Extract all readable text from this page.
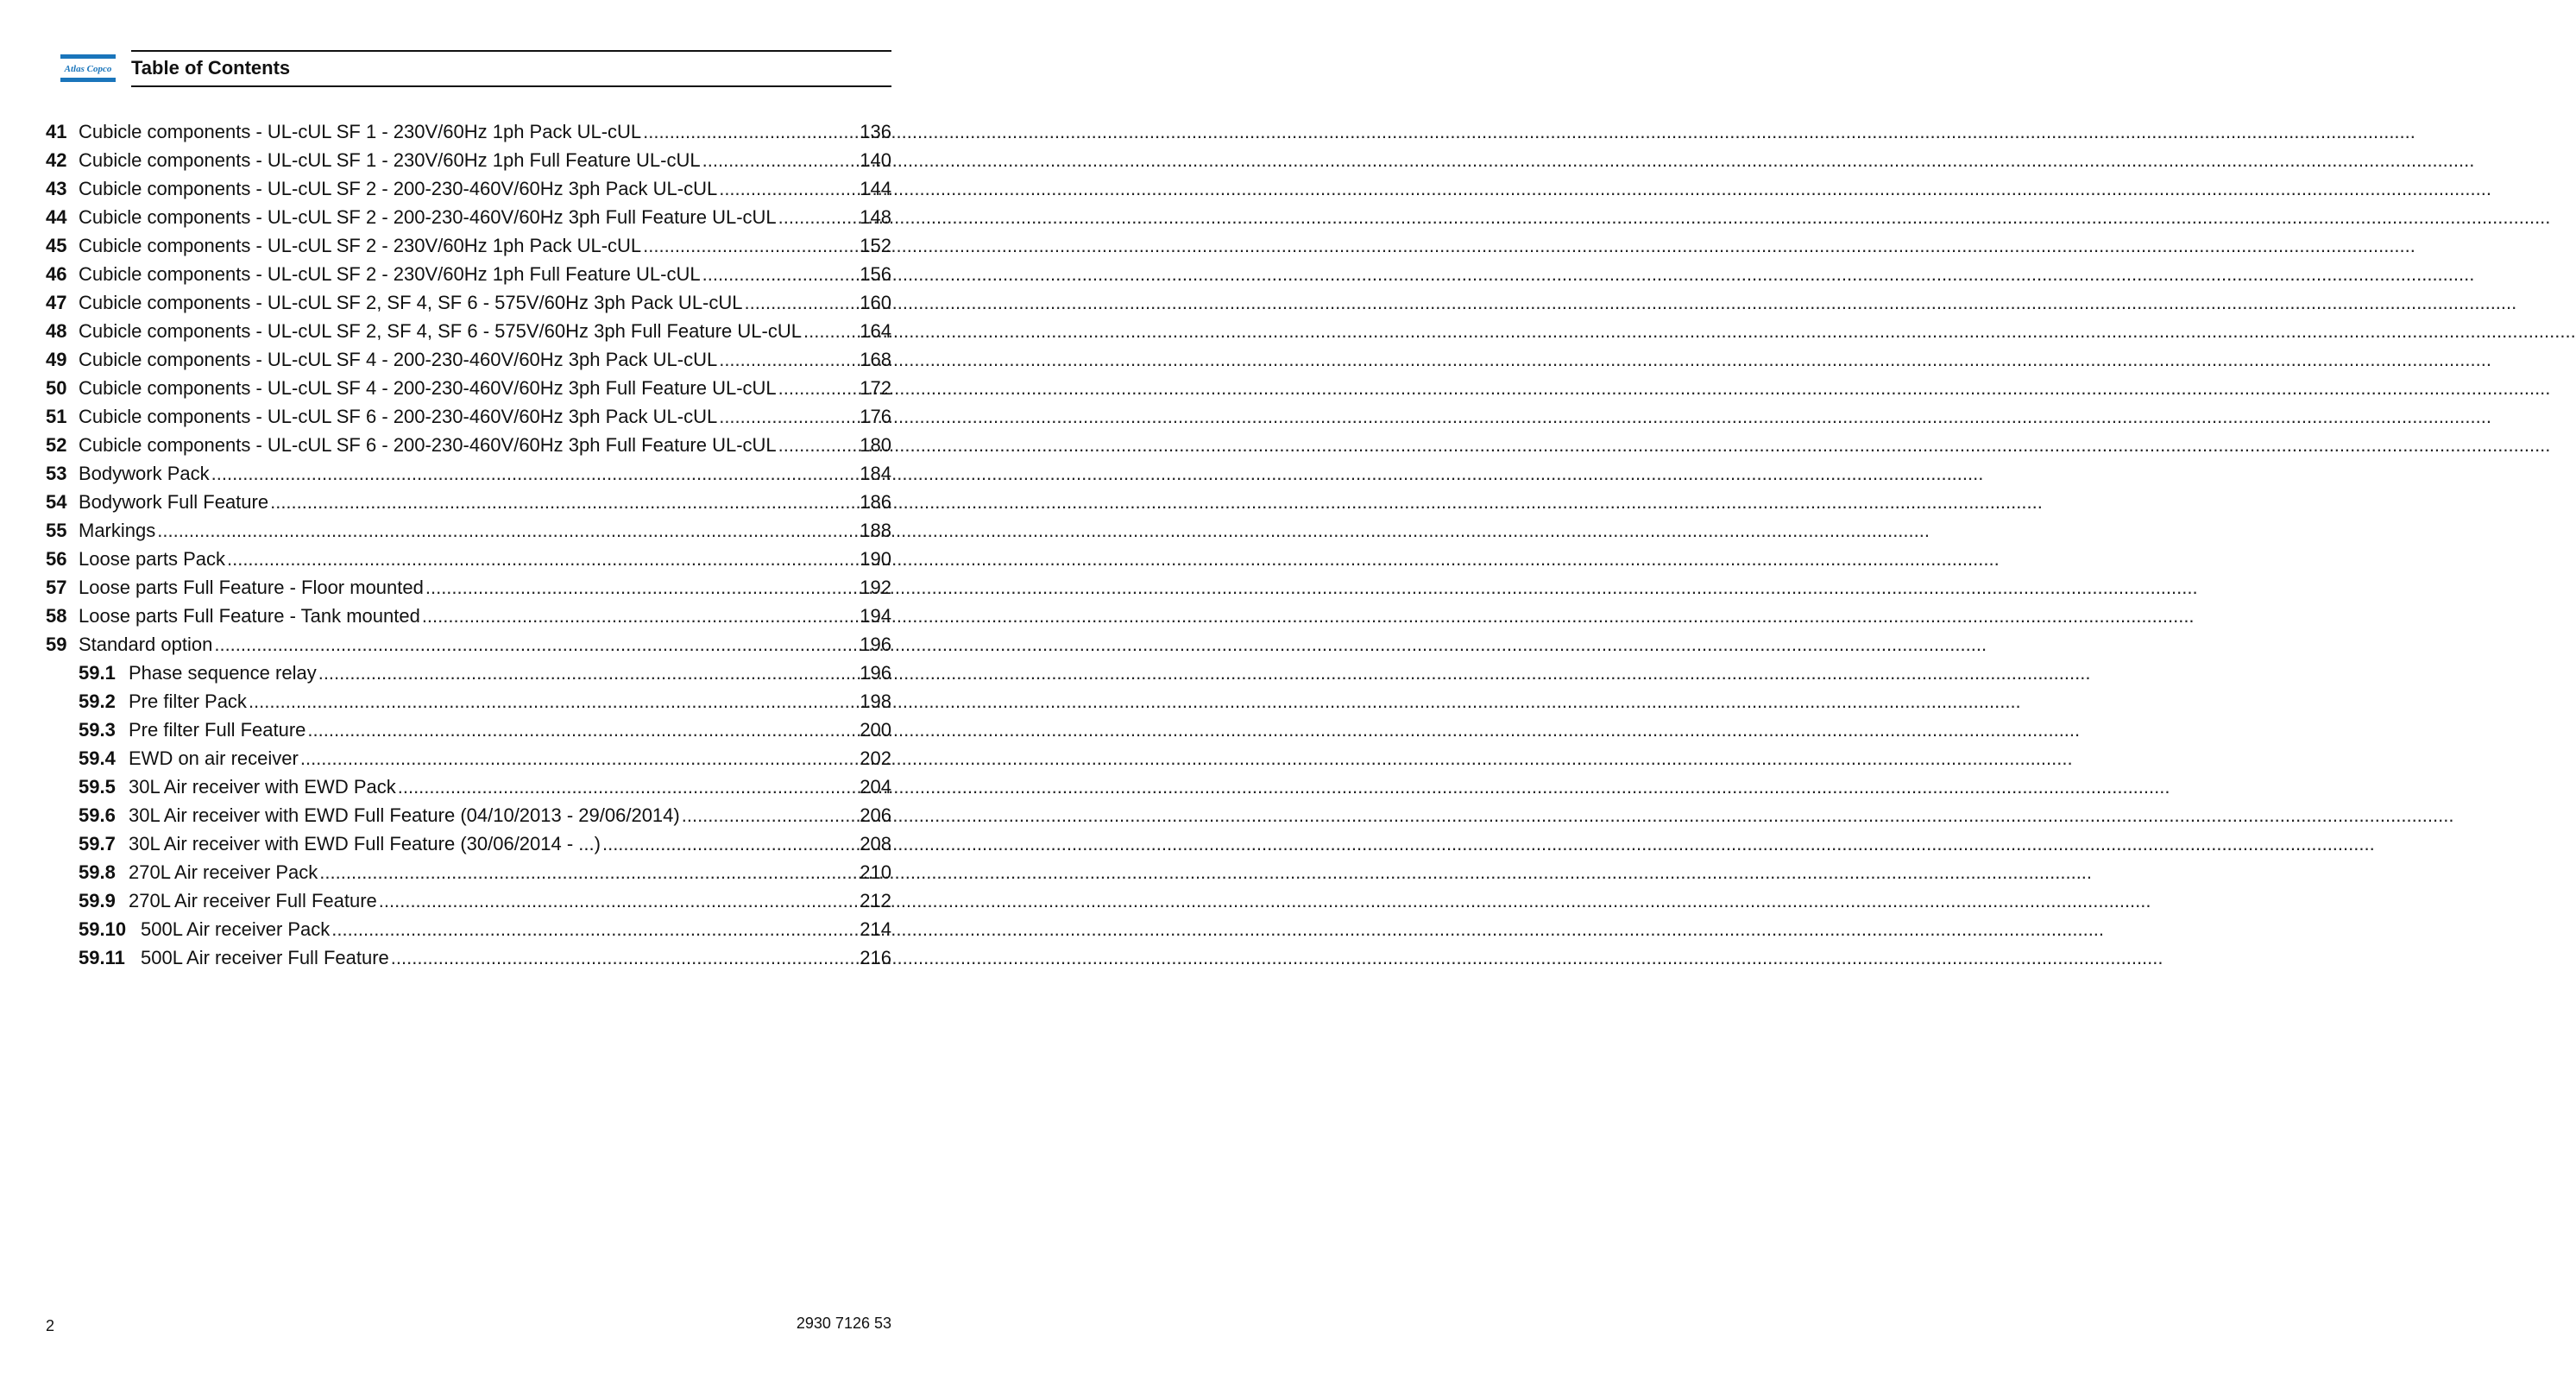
Atlas Copco Table of Contents
41 Cubicle components - UL-cUL SF 1 - 230V/60Hz 1ph Pack UL-cUL .....	136
42 Cubicle components - UL-cUL SF 1 - 230V/60Hz 1ph Full Feature UL-cUL .....	140
43 Cubicle components - UL-cUL SF 2 - 200-230-460V/60Hz 3ph Pack UL-cUL .....	144
44 Cubicle components - UL-cUL SF 2 - 200-230-460V/60Hz 3ph Full Feature UL-cUL .....	148
45 Cubicle components - UL-cUL SF 2 - 230V/60Hz 1ph Pack UL-cUL .....	152
46 Cubicle components - UL-cUL SF 2 - 230V/60Hz 1ph Full Feature UL-cUL .....	156
47 Cubicle components - UL-cUL SF 2, SF 4, SF 6 - 575V/60Hz 3ph Pack UL-cUL .....	160
48 Cubicle components - UL-cUL SF 2, SF 4, SF 6 - 575V/60Hz 3ph Full Feature UL-cUL .....	164
49 Cubicle components - UL-cUL SF 4 - 200-230-460V/60Hz 3ph Pack UL-cUL .....	168
50 Cubicle components - UL-cUL SF 4 - 200-230-460V/60Hz 3ph Full Feature UL-cUL .....	172
51 Cubicle components - UL-cUL SF 6 - 200-230-460V/60Hz 3ph Pack UL-cUL .....	176
52 Cubicle components - UL-cUL SF 6 - 200-230-460V/60Hz 3ph Full Feature UL-cUL .....	180
53 Bodywork Pack .....	184
54 Bodywork Full Feature .....	186
55 Markings .....	188
56 Loose parts Pack .....	190
57 Loose parts Full Feature - Floor mounted .....	192
58 Loose parts Full Feature - Tank mounted .....	194
59 Standard option .....	196
59.1 Phase sequence relay .....	196
59.2 Pre filter Pack .....	198
59.3 Pre filter Full Feature .....	200
59.4 EWD on air receiver .....	202
59.5 30L Air receiver with EWD Pack .....	204
59.6 30L Air receiver with EWD Full Feature (04/10/2013 - 29/06/2014) .....	206
59.7 30L Air receiver with EWD Full Feature (30/06/2014 - ...) .....	208
59.8 270L Air receiver Pack .....	210
59.9 270L Air receiver Full Feature .....	212
59.10 500L Air receiver Pack .....	214
59.11 500L Air receiver Full Feature .....	216
2	2930 7126 53
